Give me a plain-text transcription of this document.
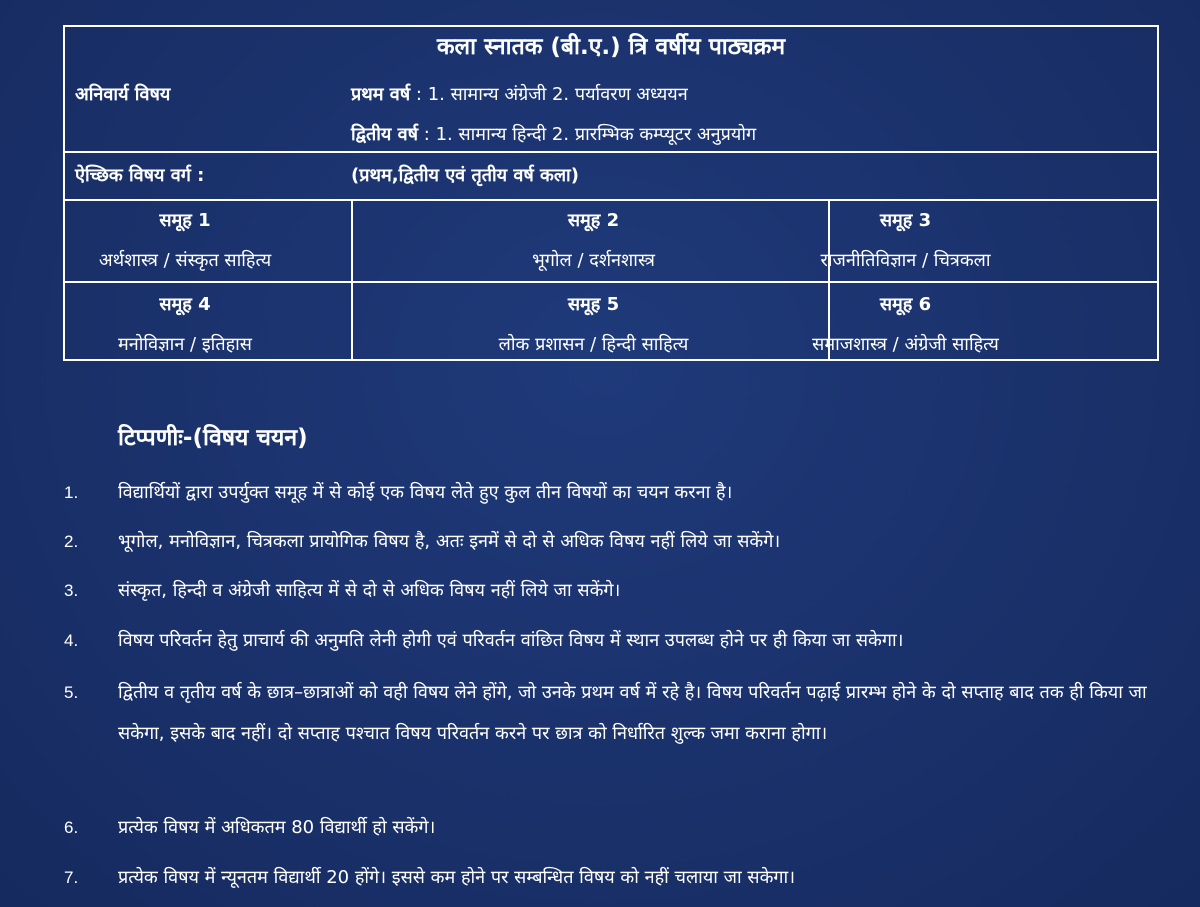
कला स्नातक (बी.ए.) त्रि वर्षीय पाठ्यक्रम
अनिवार्य विषय	प्रथम वर्ष : 1. सामान्य अंग्रेजी 2. पर्यावरण अध्ययन
द्वितीय वर्ष : 1. सामान्य हिन्दी 2. प्रारम्भिक कम्प्यूटर अनुप्रयोग
ऐच्छिक विषय वर्ग :	(प्रथम,द्वितीय एवं तृतीय वर्ष कला)
समूह 1
अर्थशास्त्र / संस्कृत साहित्य
समूह 2
भूगोल / दर्शनशास्त्र
समूह 3
राजनीतिविज्ञान / चित्रकला
समूह 4
मनोविज्ञान / इतिहास
समूह 5
लोक प्रशासन / हिन्दी साहित्य
समूह 6
समाजशास्त्र / अंग्रेजी साहित्य
टिप्पणीः-(विषय चयन)
1. विद्यार्थियों द्वारा उपर्युक्त समूह में से कोई एक विषय लेते हुए कुल तीन विषयों का चयन करना है।
2. भूगोल, मनोविज्ञान, चित्रकला प्रायोगिक विषय है, अतः इनमें से दो से अधिक विषय नहीं लिये जा सकेंगे।
3. संस्कृत, हिन्दी व अंग्रेजी साहित्य में से दो से अधिक विषय नहीं लिये जा सकेंगे।
4. विषय परिवर्तन हेतु प्राचार्य की अनुमति लेनी होगी एवं परिवर्तन वांछित विषय में स्थान उपलब्ध होने पर ही किया जा सकेगा।
5. द्वितीय व तृतीय वर्ष के छात्र–छात्राओं को वही विषय लेने होंगे, जो उनके प्रथम वर्ष में रहे है। विषय परिवर्तन पढ़ाई प्रारम्भ होने के दो सप्ताह बाद तक ही किया जा सकेगा, इसके बाद नहीं। दो सप्ताह पश्चात विषय परिवर्तन करने पर छात्र को निर्धारित शुल्क जमा कराना होगा।
6. प्रत्येक विषय में अधिकतम 80 विद्यार्थी हो सकेंगे।
7. प्रत्येक विषय में न्यूनतम विद्यार्थी 20 होंगे। इससे कम होने पर सम्बन्धित विषय को नहीं चलाया जा सकेगा।
